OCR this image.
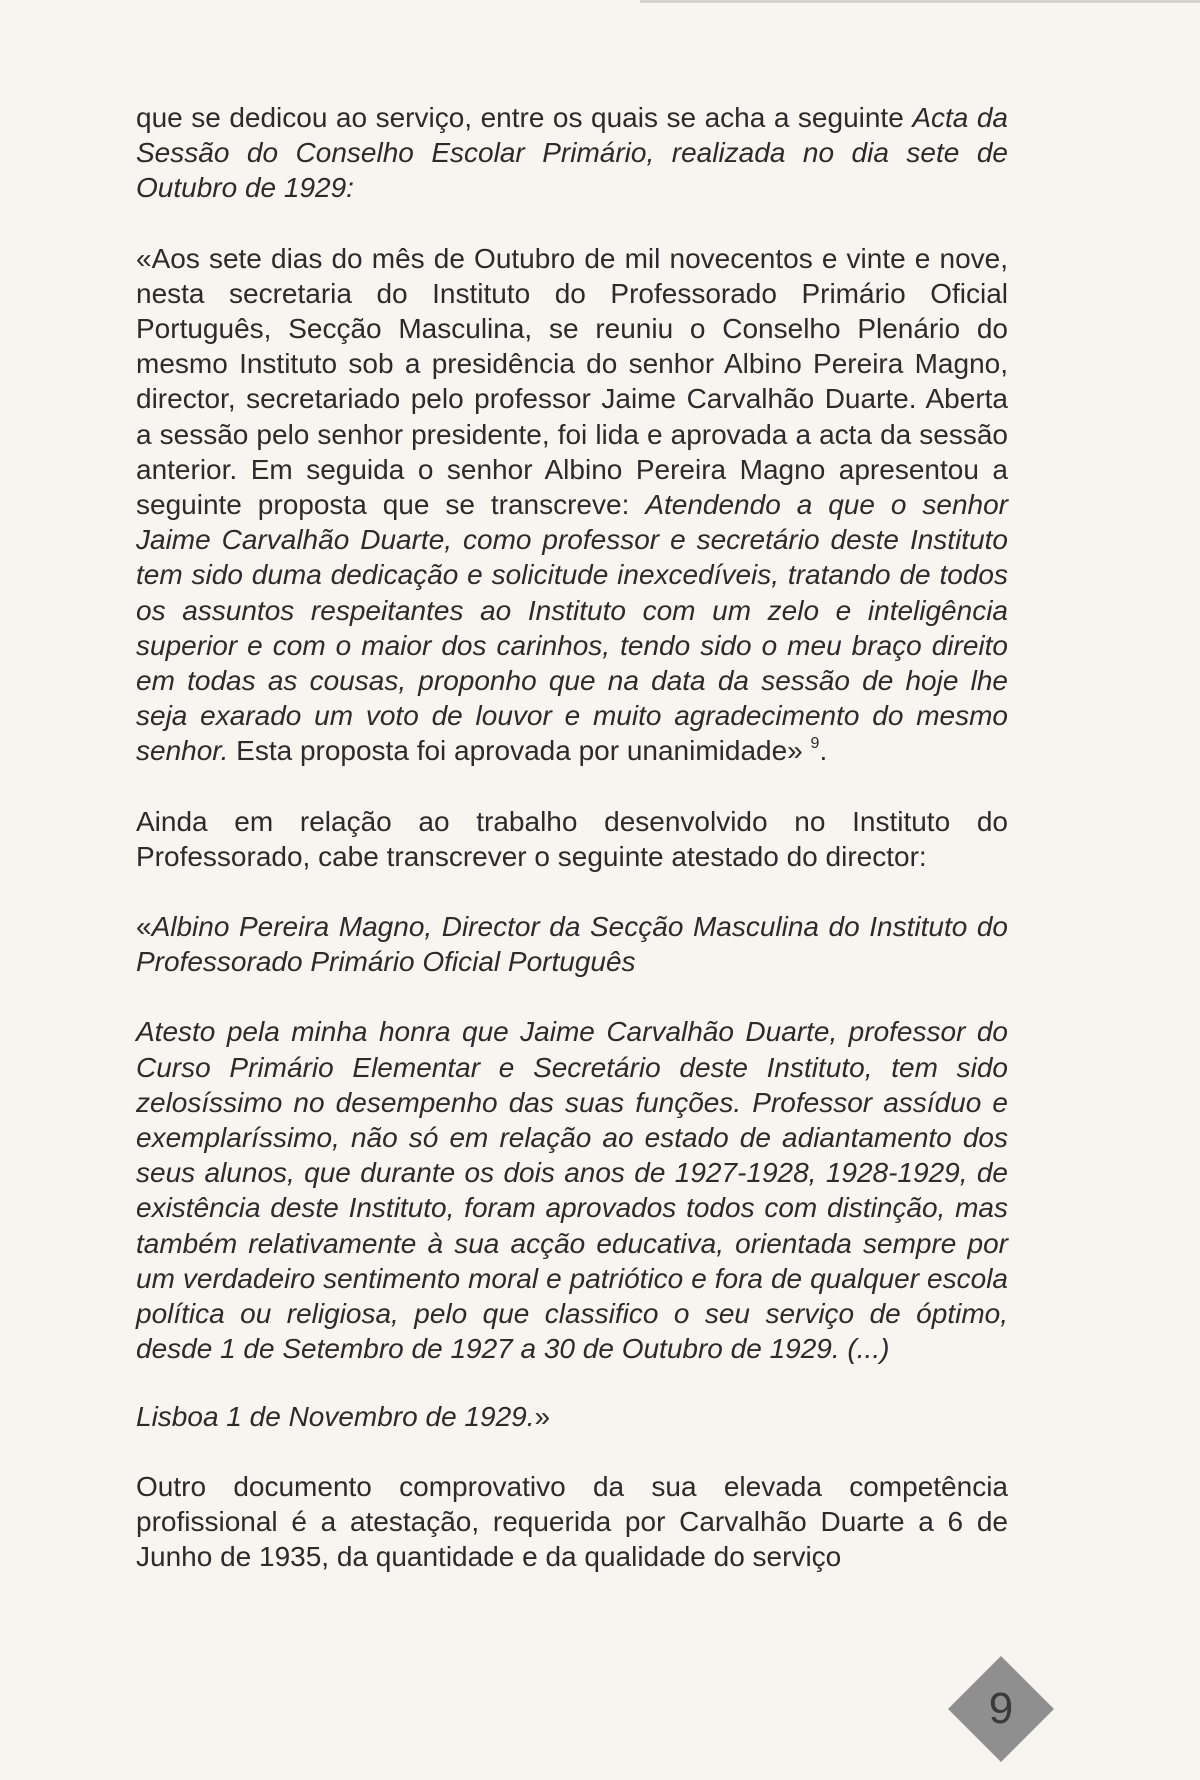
que se dedicou ao serviço, entre os quais se acha a seguinte Acta da Sessão do Conselho Escolar Primário, realizada no dia sete de Outubro de 1929:

«Aos sete dias do mês de Outubro de mil novecentos e vinte e nove, nesta secretaria do Instituto do Professorado Primário Oficial Português, Secção Masculina, se reuniu o Conselho Plenário do mesmo Instituto sob a presidência do senhor Albino Pereira Magno, director, secretariado pelo professor Jaime Carvalhão Duarte. Aberta a sessão pelo senhor presidente, foi lida e aprovada a acta da sessão anterior. Em seguida o senhor Albino Pereira Magno apresentou a seguinte proposta que se transcreve: Atendendo a que o senhor Jaime Carvalhão Duarte, como professor e secretário deste Instituto tem sido duma dedicação e solicitude inexcedíveis, tratando de todos os assuntos respeitantes ao Instituto com um zelo e inteligência superior e com o maior dos carinhos, tendo sido o meu braço direito em todas as cousas, proponho que na data da sessão de hoje lhe seja exarado um voto de louvor e muito agradecimento do mesmo senhor. Esta proposta foi aprovada por unanimidade» $^9$.

Ainda em relação ao trabalho desenvolvido no Instituto do Professorado, cabe transcrever o seguinte atestado do director:

«Albino Pereira Magno, Director da Secção Masculina do Instituto do Professorado Primário Oficial Português

Atesto pela minha honra que Jaime Carvalhão Duarte, professor do Curso Primário Elementar e Secretário deste Instituto, tem sido zelosíssimo no desempenho das suas funções. Professor assíduo e exemplaríssimo, não só em relação ao estado de adiantamento dos seus alunos, que durante os dois anos de 1927-1928, 1928-1929, de existência deste Instituto, foram aprovados todos com distinção, mas também relativamente à sua acção educativa, orientada sempre por um verdadeiro sentimento moral e patriótico e fora de qualquer escola política ou religiosa, pelo que classifico o seu serviço de óptimo, desde 1 de Setembro de 1927 a 30 de Outubro de 1929. (...)

Lisboa 1 de Novembro de 1929.»

Outro documento comprovativo da sua elevada competência profissional é a atestação, requerida por Carvalhão Duarte a 6 de Junho de 1935, da quantidade e da qualidade do serviço

9
